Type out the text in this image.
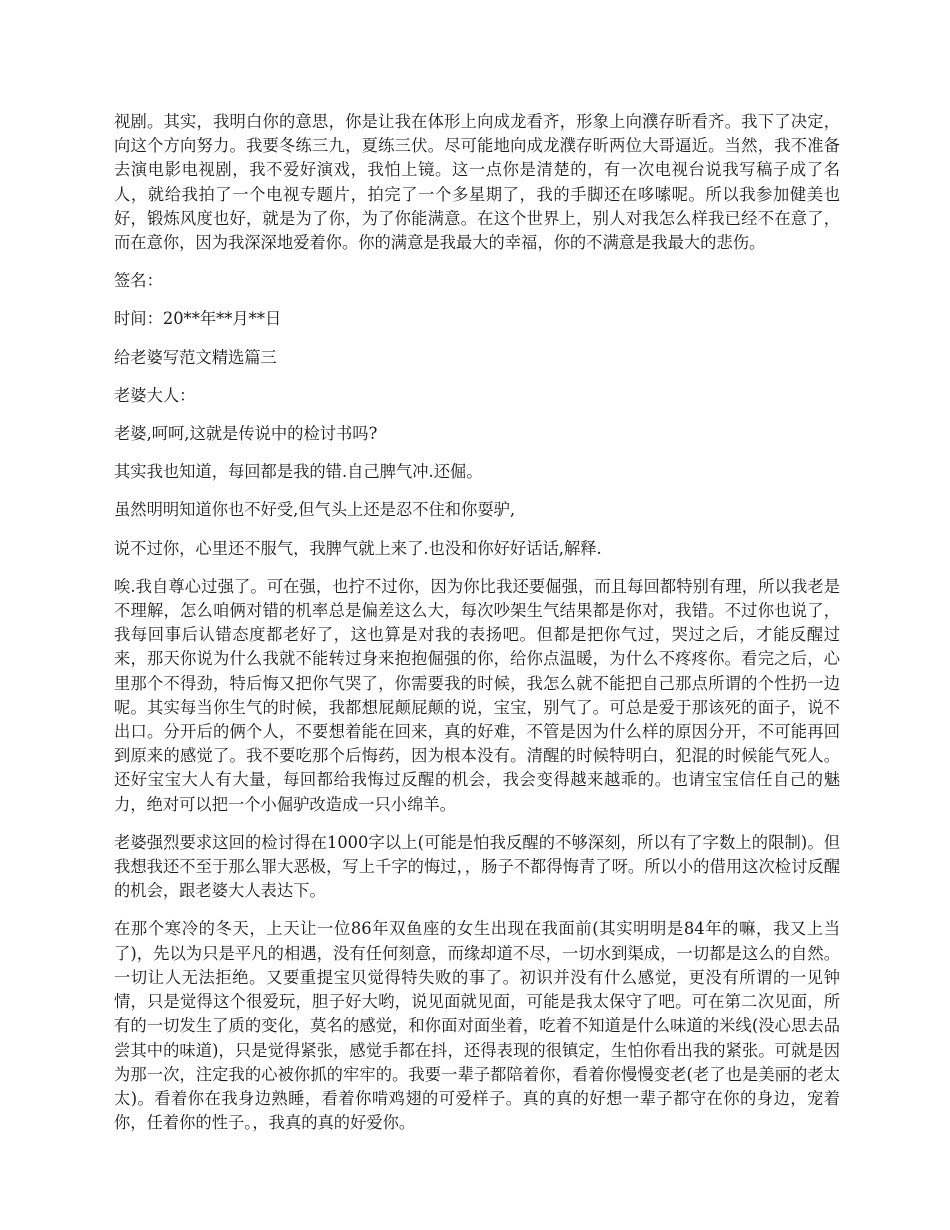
视剧。其实，我明白你的意思，你是让我在体形上向成龙看齐，形象上向濮存昕看齐。我下了决定，向这个方向努力。我要冬练三九，夏练三伏。尽可能地向成龙濮存昕两位大哥逼近。当然，我不准备去演电影电视剧，我不爱好演戏，我怕上镜。这一点你是清楚的，有一次电视台说我写稿子成了名人，就给我拍了一个电视专题片，拍完了一个多星期了，我的手脚还在哆嗦呢。所以我参加健美也好，锻炼风度也好，就是为了你，为了你能满意。在这个世界上，别人对我怎么样我已经不在意了，而在意你，因为我深深地爱着你。你的满意是我最大的幸福，你的不满意是我最大的悲伤。

签名：

时间：20**年**月**日

给老婆写范文精选篇三

老婆大人：

老婆,呵呵,这就是传说中的检讨书吗?

其实我也知道，每回都是我的错.自己脾气冲.还倔。

虽然明明知道你也不好受,但气头上还是忍不住和你耍驴,

说不过你，心里还不服气，我脾气就上来了.也没和你好好话话,解释.

唉.我自尊心过强了。可在强，也拧不过你，因为你比我还要倔强，而且每回都特别有理，所以我老是不理解，怎么咱俩对错的机率总是偏差这么大，每次吵架生气结果都是你对，我错。不过你也说了，我每回事后认错态度都老好了，这也算是对我的表扬吧。但都是把你气过，哭过之后，才能反醒过来，那天你说为什么我就不能转过身来抱抱倔强的你，给你点温暖，为什么不疼疼你。看完之后，心里那个不得劲，特后悔又把你气哭了，你需要我的时候，我怎么就不能把自己那点所谓的个性扔一边呢。其实每当你生气的时候，我都想屁颠屁颠的说，宝宝，别气了。可总是爱于那该死的面子，说不出口。分开后的俩个人，不要想着能在回来，真的好难，不管是因为什么样的原因分开，不可能再回到原来的感觉了。我不要吃那个后悔药，因为根本没有。清醒的时候特明白，犯混的时候能气死人。还好宝宝大人有大量，每回都给我悔过反醒的机会，我会变得越来越乖的。也请宝宝信任自己的魅力，绝对可以把一个小倔驴改造成一只小绵羊。

老婆强烈要求这回的检讨得在1000字以上(可能是怕我反醒的不够深刻，所以有了字数上的限制)。但我想我还不至于那么罪大恶极，写上千字的悔过，，肠子不都得悔青了呀。所以小的借用这次检讨反醒的机会，跟老婆大人表达下。

在那个寒冷的冬天，上天让一位86年双鱼座的女生出现在我面前(其实明明是84年的嘛，我又上当了)，先以为只是平凡的相遇，没有任何刻意，而缘却道不尽，一切水到渠成，一切都是这么的自然。一切让人无法拒绝。又要重提宝贝觉得特失败的事了。初识并没有什么感觉，更没有所谓的一见钟情，只是觉得这个很爱玩，胆子好大哟，说见面就见面，可能是我太保守了吧。可在第二次见面，所有的一切发生了质的变化，莫名的感觉，和你面对面坐着，吃着不知道是什么味道的米线(没心思去品尝其中的味道)，只是觉得紧张，感觉手都在抖，还得表现的很镇定，生怕你看出我的紧张。可就是因为那一次，注定我的心被你抓的牢牢的。我要一辈子都陪着你，看着你慢慢变老(老了也是美丽的老太太)。看着你在我身边熟睡，看着你啃鸡翅的可爱样子。真的真的好想一辈子都守在你的身边，宠着你，任着你的性子。，我真的真的好爱你。
